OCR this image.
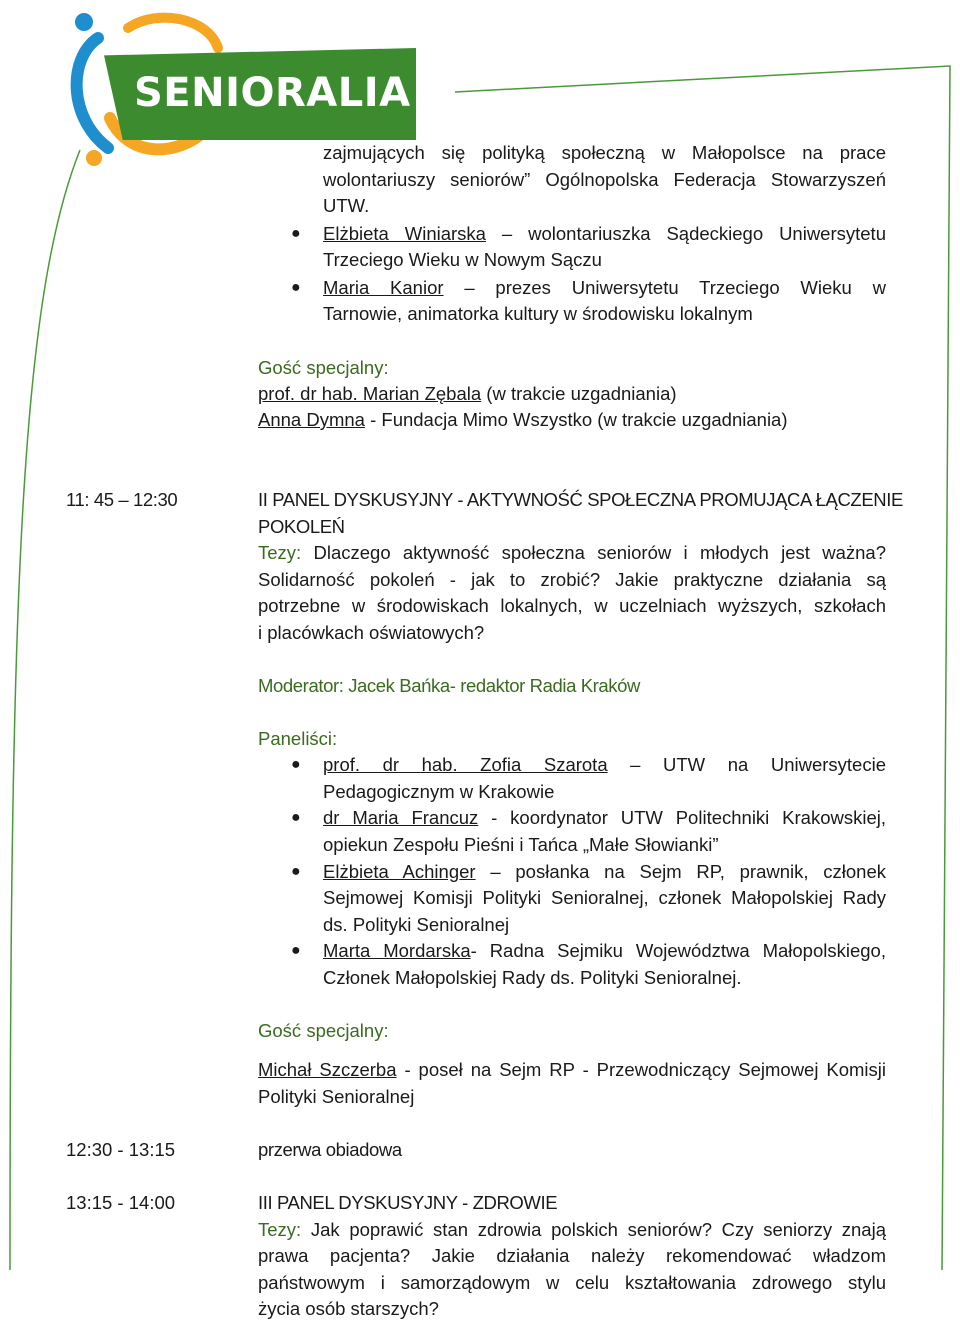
SENIORALIA
zajmujących się polityką społeczną w Małopolsce na prace
wolontariuszy seniorów” Ogólnopolska Federacja Stowarzyszeń
UTW.
● Elżbieta Winiarska – wolontariuszka Sądeckiego Uniwersytetu
Trzeciego Wieku w Nowym Sączu
● Maria Kanior – prezes Uniwersytetu Trzeciego Wieku w
Tarnowie, animatorka kultury w środowisku lokalnym
Gość specjalny:
prof. dr hab. Marian Zębala (w trakcie uzgadniania)
Anna Dymna - Fundacja Mimo Wszystko (w trakcie uzgadniania)
11: 45 – 12:30	II PANEL DYSKUSYJNY - AKTYWNOŚĆ SPOŁECZNA PROMUJĄCA ŁĄCZENIE
POKOLEŃ
Tezy: Dlaczego aktywność społeczna seniorów i młodych jest ważna?
Solidarność pokoleń - jak to zrobić? Jakie praktyczne działania są
potrzebne w środowiskach lokalnych, w uczelniach wyższych, szkołach
i placówkach oświatowych?
Moderator: Jacek Bańka- redaktor Radia Kraków
Paneliści:
● prof. dr hab. Zofia Szarota – UTW na Uniwersytecie
Pedagogicznym w Krakowie
● dr Maria Francuz - koordynator UTW Politechniki Krakowskiej,
opiekun Zespołu Pieśni i Tańca „Małe Słowianki”
● Elżbieta Achinger – posłanka na Sejm RP, prawnik, członek
Sejmowej Komisji Polityki Senioralnej, członek Małopolskiej Rady
ds. Polityki Senioralnej
● Marta Mordarska- Radna Sejmiku Województwa Małopolskiego,
Członek Małopolskiej Rady ds. Polityki Senioralnej.
Gość specjalny:
Michał Szczerba - poseł na Sejm RP - Przewodniczący Sejmowej Komisji
Polityki Senioralnej
12:30 - 13:15	przerwa obiadowa
13:15 - 14:00	III PANEL DYSKUSYJNY - ZDROWIE
Tezy: Jak poprawić stan zdrowia polskich seniorów? Czy seniorzy znają
prawa pacjenta? Jakie działania należy rekomendować władzom
państwowym i samorządowym w celu kształtowania zdrowego stylu
życia osób starszych?
